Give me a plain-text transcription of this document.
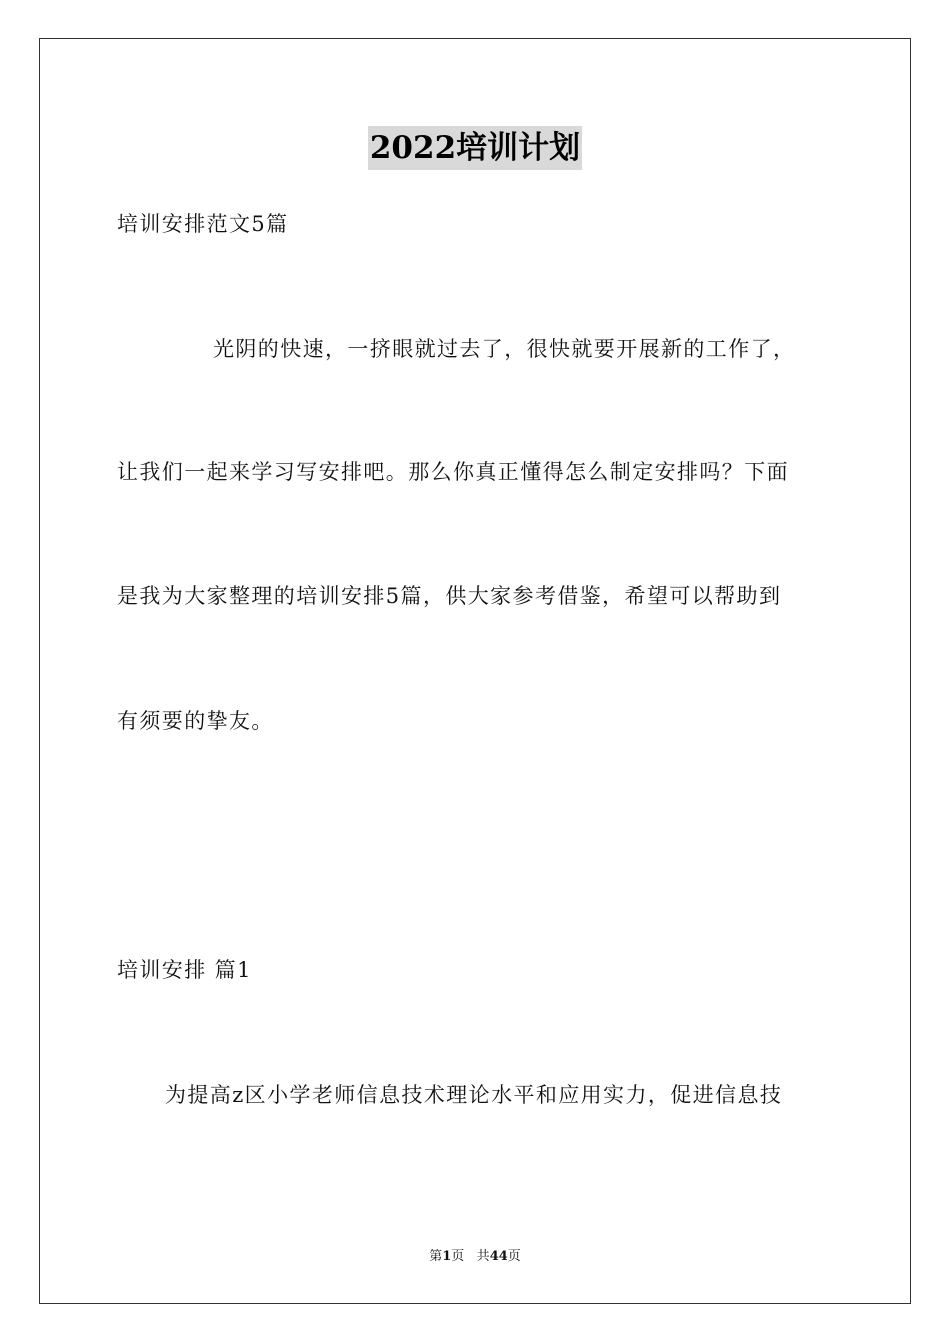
2022培训计划
培训安排范文5篇
光阴的快速，一挤眼就过去了，很快就要开展新的工作了，
让我们一起来学习写安排吧。那么你真正懂得怎么制定安排吗？下面
是我为大家整理的培训安排5篇，供大家参考借鉴，希望可以帮助到
有须要的挚友。
培训安排 篇1
为提高z区小学老师信息技术理论水平和应用实力，促进信息技
第1页 共44页
